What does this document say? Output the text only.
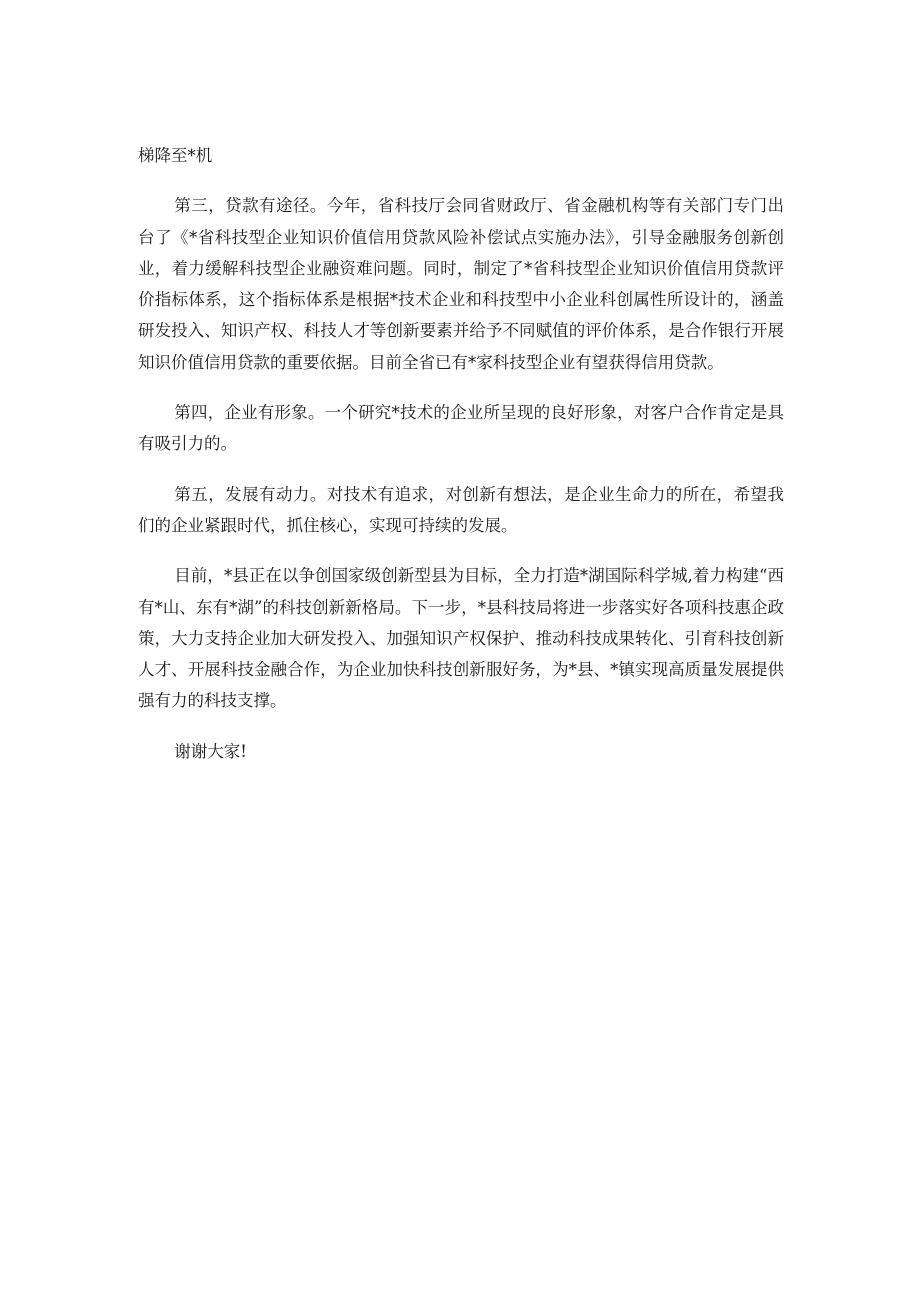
梯降至*机

第三，贷款有途径。今年，省科技厅会同省财政厅、省金融机构等有关部门专门出台了《*省科技型企业知识价值信用贷款风险补偿试点实施办法》，引导金融服务创新创业，着力缓解科技型企业融资难问题。同时，制定了*省科技型企业知识价值信用贷款评价指标体系，这个指标体系是根据*技术企业和科技型中小企业科创属性所设计的，涵盖研发投入、知识产权、科技人才等创新要素并给予不同赋值的评价体系，是合作银行开展知识价值信用贷款的重要依据。目前全省已有*家科技型企业有望获得信用贷款。

第四，企业有形象。一个研究*技术的企业所呈现的良好形象，对客户合作肯定是具有吸引力的。

第五，发展有动力。对技术有追求，对创新有想法，是企业生命力的所在，希望我们的企业紧跟时代，抓住核心，实现可持续的发展。

目前，*县正在以争创国家级创新型县为目标，全力打造*湖国际科学城,着力构建“西有*山、东有*湖”的科技创新新格局。下一步，*县科技局将进一步落实好各项科技惠企政策，大力支持企业加大研发投入、加强知识产权保护、推动科技成果转化、引育科技创新人才、开展科技金融合作，为企业加快科技创新服好务，为*县、*镇实现高质量发展提供强有力的科技支撑。

谢谢大家!
